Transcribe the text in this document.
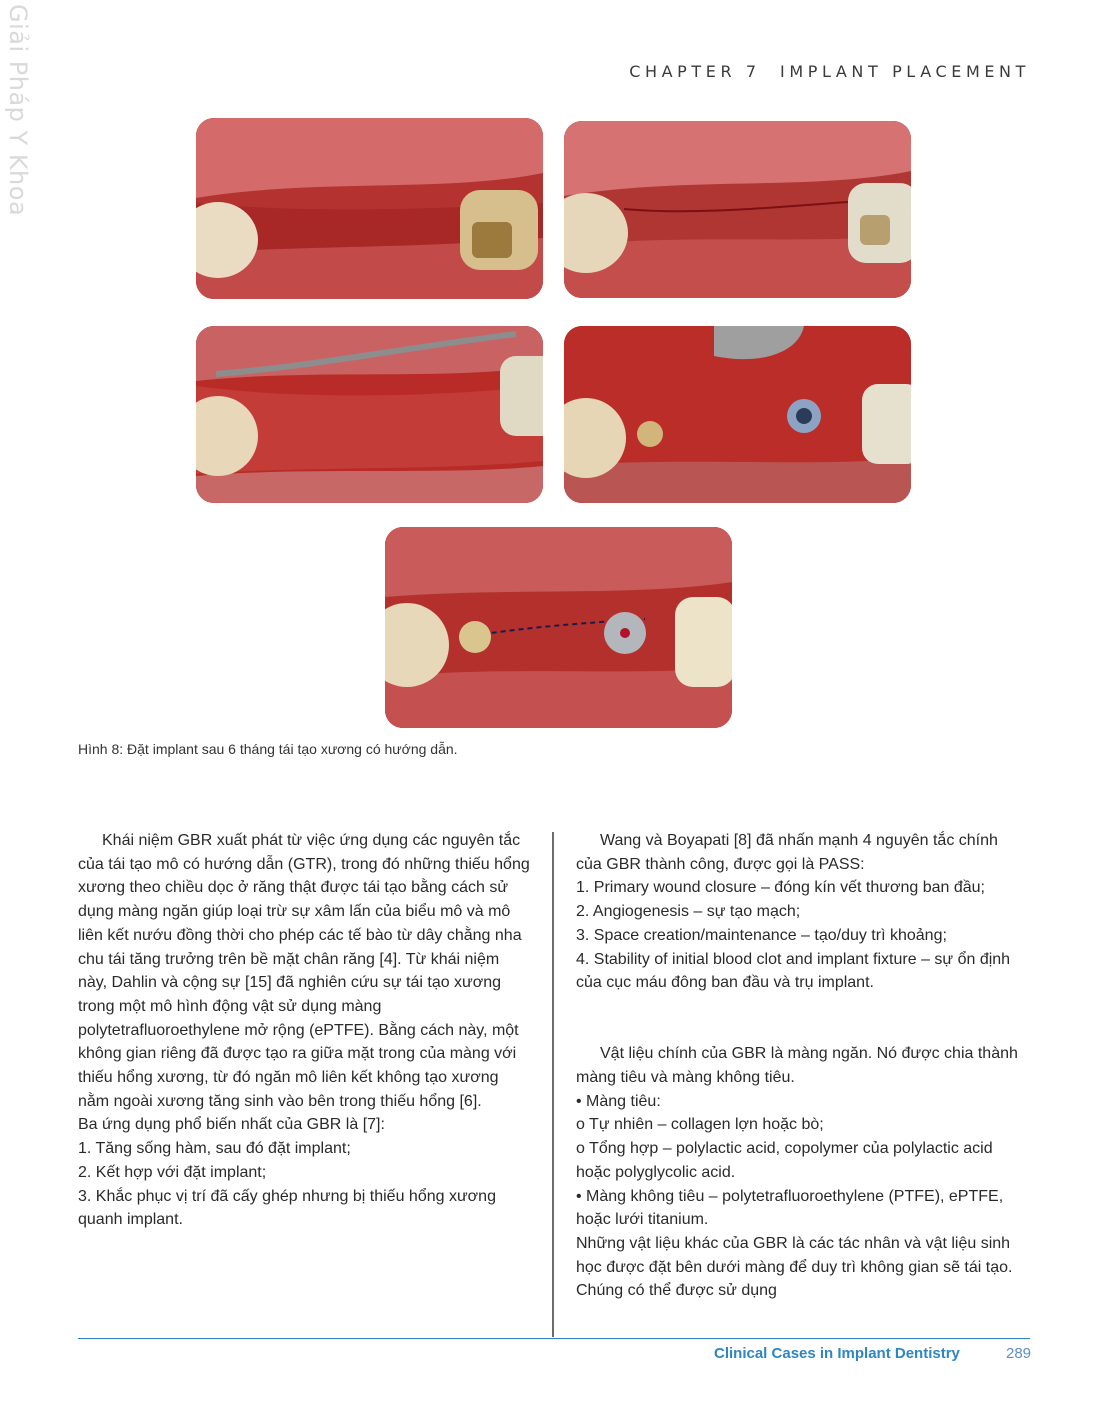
Giải Pháp Y Khoa	CHAPTER 7  IMPLANT PLACEMENT
Hình 8: Đặt implant sau 6 tháng tái tạo xương có hướng dẫn.

Khái niệm GBR xuất phát từ việc ứng dụng các nguyên tắc của tái tạo mô có hướng dẫn (GTR), trong đó những thiếu hổng xương theo chiều dọc ở răng thật được tái tạo bằng cách sử dụng màng ngăn giúp loại trừ sự xâm lấn của biểu mô và mô liên kết nướu đồng thời cho phép các tế bào từ dây chằng nha chu tái tăng trưởng trên bề mặt chân răng [4]. Từ khái niệm này, Dahlin và cộng sự [15] đã nghiên cứu sự tái tạo xương trong một mô hình động vật sử dụng màng polytetrafluoroethylene mở rộng (ePTFE). Bằng cách này, một không gian riêng đã được tạo ra giữa mặt trong của màng với thiếu hổng xương, từ đó ngăn mô liên kết không tạo xương nằm ngoài xương tăng sinh vào bên trong thiếu hổng [6].

Ba ứng dụng phổ biến nhất của GBR là [7]:

1. Tăng sống hàm, sau đó đặt implant;

2. Kết hợp với đặt implant;

3. Khắc phục vị trí đã cấy ghép nhưng bị thiếu hổng xương quanh implant.

Wang và Boyapati [8] đã nhấn mạnh 4 nguyên tắc chính của GBR thành công, được gọi là PASS:

1. Primary wound closure – đóng kín vết thương ban đầu;

2. Angiogenesis – sự tạo mạch;

3. Space creation/maintenance – tạo/duy trì khoảng;

4. Stability of initial blood clot and implant fixture – sự ổn định của cục máu đông ban đầu và trụ implant.

Vật liệu chính của GBR là màng ngăn. Nó được chia thành màng tiêu và màng không tiêu.

• Màng tiêu:

o Tự nhiên – collagen lợn hoặc bò;

o Tổng hợp – polylactic acid, copolymer của polylactic acid hoặc polyglycolic acid.

• Màng không tiêu – polytetrafluoroethylene (PTFE), ePTFE, hoặc lưới titanium.

Những vật liệu khác của GBR là các tác nhân và vật liệu sinh học được đặt bên dưới màng để duy trì không gian sẽ tái tạo. Chúng có thể được sử dụng

Clinical Cases in Implant Dentistry	289
